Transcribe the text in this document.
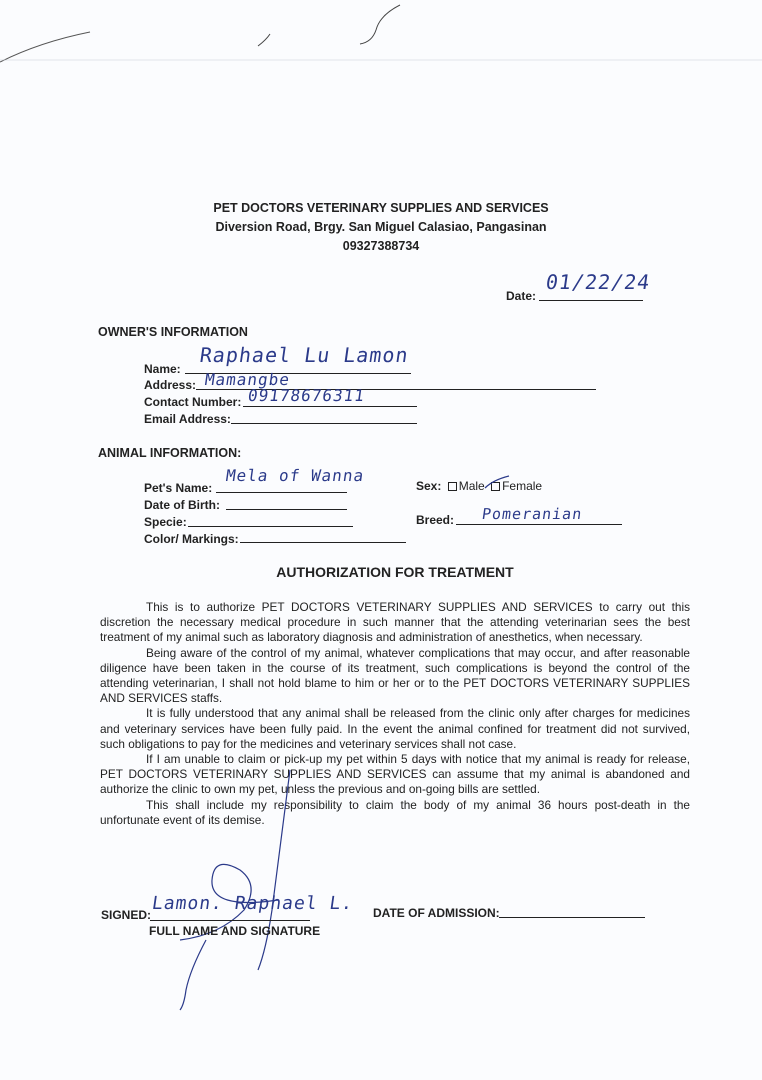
PET DOCTORS VETERINARY SUPPLIES AND SERVICES
Diversion Road, Brgy. San Miguel Calasiao, Pangasinan
09327388734
Date:
01/22/24
OWNER'S INFORMATION
Name:
Raphael Lu Lamon
Address: Mamangbe
Contact Number: 09178676311
Email Address:
ANIMAL INFORMATION:
Pet's Name:
Mela of Wanna
Date of Birth:
Specie:
Color/ Markings:
Sex: Male Female
Breed: Pomeranian
AUTHORIZATION FOR TREATMENT

This is to authorize PET DOCTORS VETERINARY SUPPLIES AND SERVICES to carry out this discretion the necessary medical procedure in such manner that the attending veterinarian sees the best treatment of my animal such as laboratory diagnosis and administration of anesthetics, when necessary.

Being aware of the control of my animal, whatever complications that may occur, and after reasonable diligence have been taken in the course of its treatment, such complications is beyond the control of the attending veterinarian, I shall not hold blame to him or her or to the PET DOCTORS VETERINARY SUPPLIES AND SERVICES staffs.

It is fully understood that any animal shall be released from the clinic only after charges for medicines and veterinary services have been fully paid. In the event the animal confined for treatment did not survived, such obligations to pay for the medicines and veterinary services shall not case.

If I am unable to claim or pick-up my pet within 5 days with notice that my animal is ready for release, PET DOCTORS VETERINARY SUPPLIES AND SERVICES can assume that my animal is abandoned and authorize the clinic to own my pet, unless the previous and on-going bills are settled.

This shall include my responsibility to claim the body of my animal 36 hours post-death in the unfortunate event of its demise.

SIGNED:
Lamon. Raphael L.
FULL NAME AND SIGNATURE
DATE OF ADMISSION:
